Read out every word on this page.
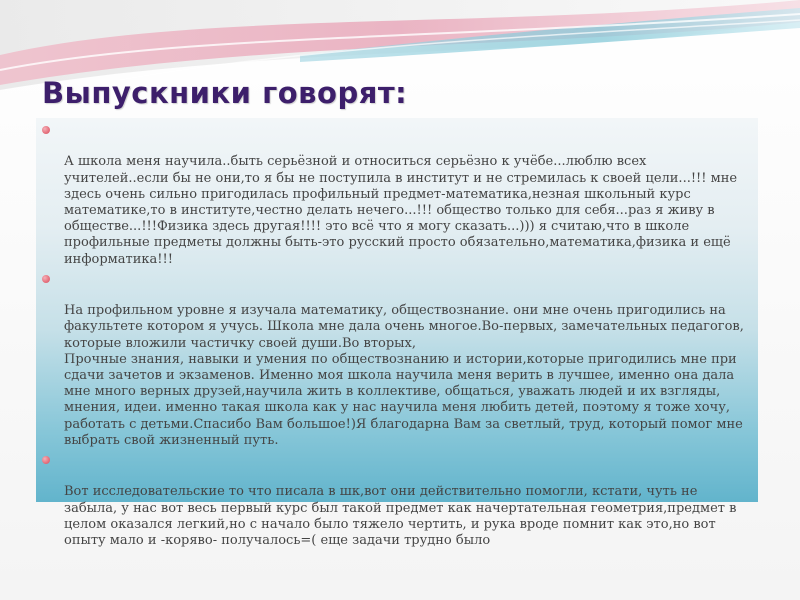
Выпускники говорят:

А школа меня научила..быть серьёзной и относиться серьёзно к учёбе...люблю всех учителей..если бы не они,то я бы не поступила в институт и не стремилась к своей цели...!!! мне здесь очень сильно пригодилась профильный предмет-математика,незная школьный курс математике,то в институте,честно делать нечего...!!! общество только для себя...раз я живу в обществе...!!!Физика здесь другая!!!! это всё что я могу сказать...))) я считаю,что в школе профильные предметы должны быть-это русский просто обязательно,математика,физика и ещё информатика!!!

На профильном уровне я изучала математику, обществознание. они мне очень пригодились на факультете котором я учусь. Школа мне дала очень многое.Во-первых, замечательных педагогов, которые вложили частичку своей души.Во вторых,
Прочные знания, навыки и умения по обществознанию и истории,которые пригодились мне при сдачи зачетов и экзаменов. Именно моя школа научила меня верить в лучшее, именно она дала мне много верных друзей,научила жить в коллективе, общаться, уважать людей и их взгляды, мнения, идеи. именно такая школа как у нас научила меня любить детей, поэтому я тоже хочу, работать с детьми.Спасибо Вам большое!)Я благодарна Вам за светлый, труд, который помог мне выбрать свой жизненный путь.

Вот исследовательские то что писала в шк,вот они действительно помогли, кстати, чуть не забыла, у нас вот весь первый курс был такой предмет как начертательная геометрия,предмет в целом оказался легкий,но с начало было тяжело чертить, и рука вроде помнит как это,но вот опыту мало и -коряво- получалось=( еще задачи трудно было
